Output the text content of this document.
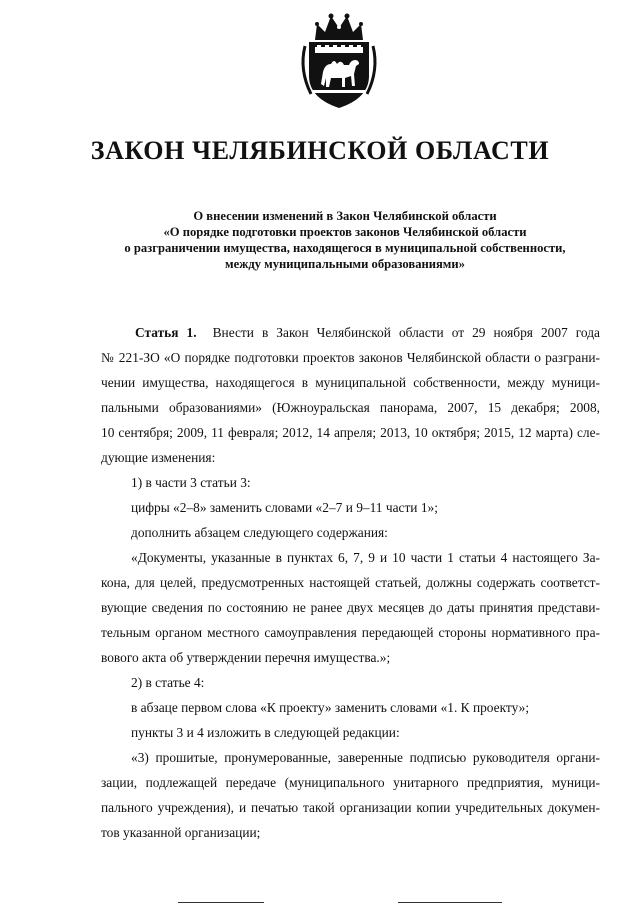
ЗАКОН ЧЕЛЯБИНСКОЙ ОБЛАСТИ
О внесении изменений в Закон Челябинской области
«О порядке подготовки проектов законов Челябинской области
о разграничении имущества, находящегося в муниципальной собственности,
между муниципальными образованиями»
Статья 1. Внести в Закон Челябинской области от 29 ноября 2007 года
№ 221-ЗО «О порядке подготовки проектов законов Челябинской области о разграни-
чении имущества, находящегося в муниципальной собственности, между муници-
пальными образованиями» (Южноуральская панорама, 2007, 15 декабря; 2008,
10 сентября; 2009, 11 февраля; 2012, 14 апреля; 2013, 10 октября; 2015, 12 марта) сле-
дующие изменения:
1) в части 3 статьи 3:
цифры «2–8» заменить словами «2–7 и 9–11 части 1»;
дополнить абзацем следующего содержания:
«Документы, указанные в пунктах 6, 7, 9 и 10 части 1 статьи 4 настоящего За-
кона, для целей, предусмотренных настоящей статьей, должны содержать соответст-
вующие сведения по состоянию не ранее двух месяцев до даты принятия представи-
тельным органом местного самоуправления передающей стороны нормативного пра-
вового акта об утверждении перечня имущества.»;
2) в статье 4:
в абзаце первом слова «К проекту» заменить словами «1. К проекту»;
пункты 3 и 4 изложить в следующей редакции:
«3) прошитые, пронумерованные, заверенные подписью руководителя органи-
зации, подлежащей передаче (муниципального унитарного предприятия, муници-
пального учреждения), и печатью такой организации копии учредительных докумен-
тов указанной организации;
